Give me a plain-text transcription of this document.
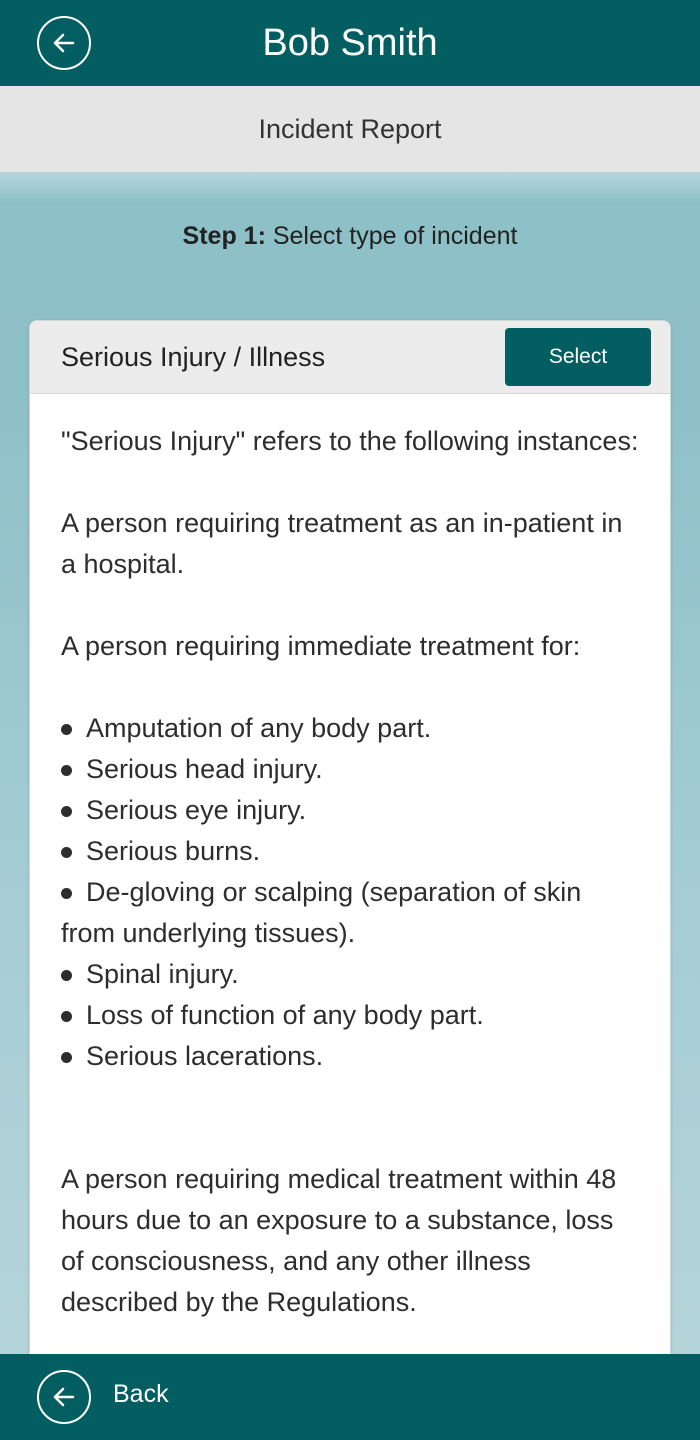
Bob Smith
Incident Report
Step 1: Select type of incident
Serious Injury / Illness	Select

"Serious Injury" refers to the following instances:

A person requiring treatment as an in-patient in a hospital.

A person requiring immediate treatment for:

Amputation of any body part.
Serious head injury.
Serious eye injury.
Serious burns.
De-gloving or scalping (separation of skin from underlying tissues).
Spinal injury.
Loss of function of any body part.
Serious lacerations.

A person requiring medical treatment within 48 hours due to an exposure to a substance, loss of consciousness, and any other illness described by the Regulations.

Back
